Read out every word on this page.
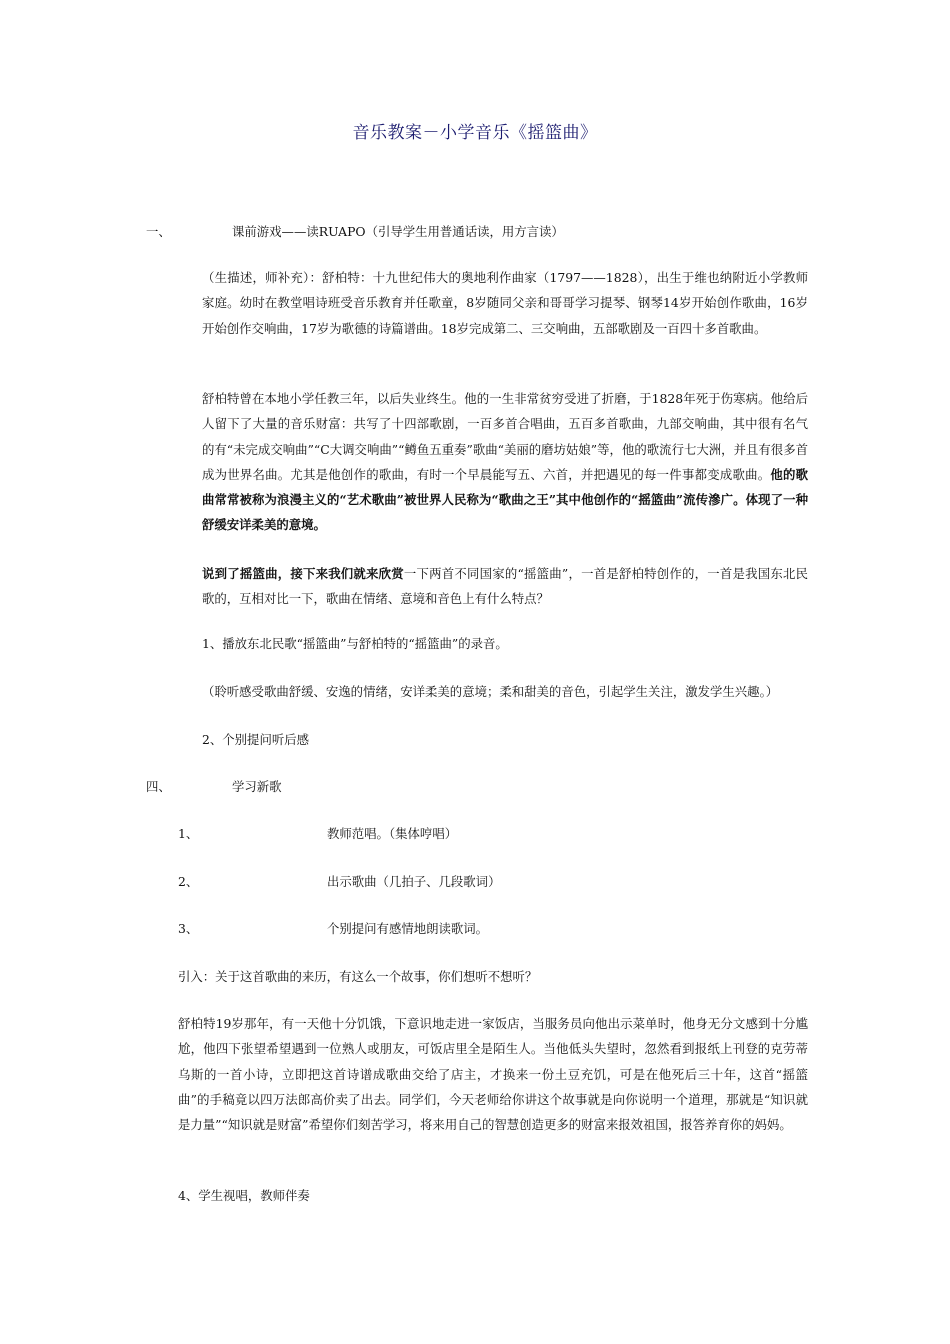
音乐教案－小学音乐《摇篮曲》
一、	课前游戏——读RUAPO（引导学生用普通话读，用方言读）
（生描述，师补充）：舒柏特：十九世纪伟大的奥地利作曲家（1797——1828），出生于维也纳附近小学教师家庭。幼时在教堂唱诗班受音乐教育并任歌童，8岁随同父亲和哥哥学习提琴、钢琴14岁开始创作歌曲，16岁开始创作交响曲，17岁为歌德的诗篇谱曲。18岁完成第二、三交响曲，五部歌剧及一百四十多首歌曲。
舒柏特曾在本地小学任教三年，以后失业终生。他的一生非常贫穷受进了折磨，于1828年死于伤寒病。他给后人留下了大量的音乐财富：共写了十四部歌剧，一百多首合唱曲，五百多首歌曲，九部交响曲，其中很有名气的有“未完成交响曲”“C大调交响曲”“鳟鱼五重奏”歌曲“美丽的磨坊姑娘”等，他的歌流行七大洲，并且有很多首成为世界名曲。尤其是他创作的歌曲，有时一个早晨能写五、六首，并把遇见的每一件事都变成歌曲。他的歌曲常常被称为浪漫主义的“艺术歌曲”被世界人民称为“歌曲之王”其中他创作的“摇篮曲”流传滲广。体现了一种舒缓安详柔美的意境。
说到了摇篮曲，接下来我们就来欣赏一下两首不同国家的“摇篮曲”，一首是舒柏特创作的，一首是我国东北民歌的，互相对比一下，歌曲在情绪、意境和音色上有什么特点？
1、播放东北民歌“摇篮曲”与舒柏特的“摇篮曲”的录音。
（聆听感受歌曲舒缓、安逸的情绪，安详柔美的意境；柔和甜美的音色，引起学生关注，激发学生兴趣。）
2、个别提问听后感
四、	学习新歌
1、	教师范唱。（集体哼唱）
2、	出示歌曲（几拍子、几段歌词）
3、	个别提问有感情地朗读歌词。
引入：关于这首歌曲的来历，有这么一个故事，你们想听不想听？
舒柏特19岁那年，有一天他十分饥饿，下意识地走进一家饭店，当服务员向他出示菜单时，他身无分文感到十分尴尬，他四下张望希望遇到一位熟人或朋友，可饭店里全是陌生人。当他低头失望时，忽然看到报纸上刊登的克劳蒂乌斯的一首小诗，立即把这首诗谱成歌曲交给了店主，才换来一份土豆充饥，可是在他死后三十年，这首“摇篮曲”的手稿竟以四万法郎高价卖了出去。同学们，今天老师给你讲这个故事就是向你说明一个道理，那就是“知识就是力量”“知识就是财富”希望你们刻苦学习，将来用自己的智慧创造更多的财富来报效祖国，报答养育你的妈妈。
4、学生视唱，教师伴奏
